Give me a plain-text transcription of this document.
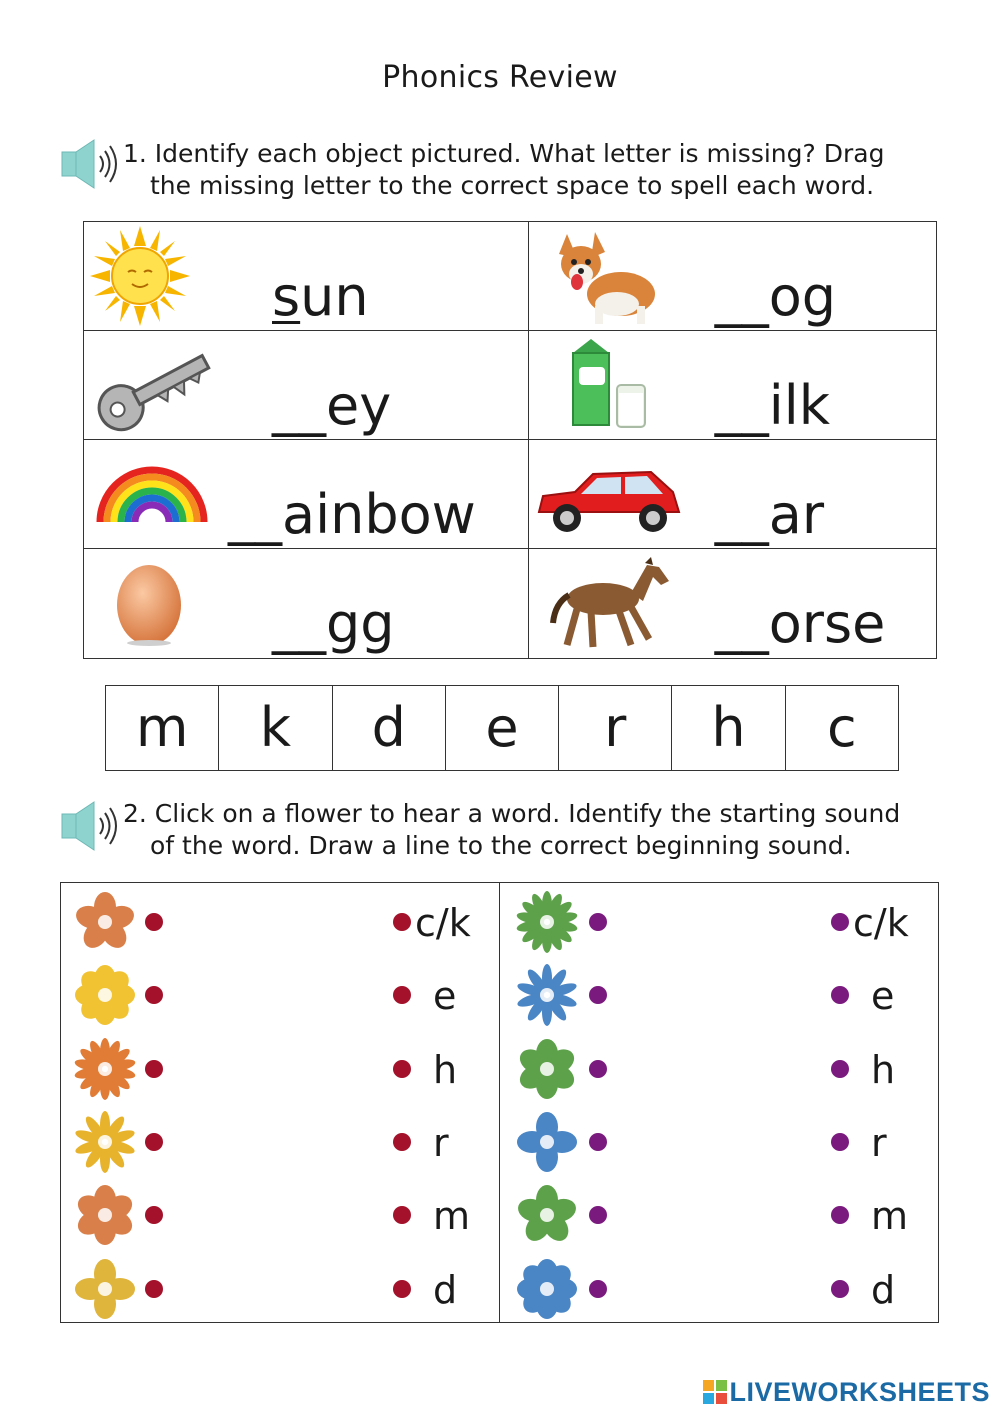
Phonics Review
1. Identify each object pictured. What letter is missing? Drag
the missing letter to the correct space to spell each word.
sun	__og
__ey	__ilk
__ainbow	__ar
__gg	__orse
m	k	d	e	r	h	c
2. Click on a flower to hear a word. Identify the starting sound
of the word. Draw a line to the correct beginning sound.
c/k	c/k
e	e
h	h
r	r
m	m
d	d
LIVEWORKSHEETS
